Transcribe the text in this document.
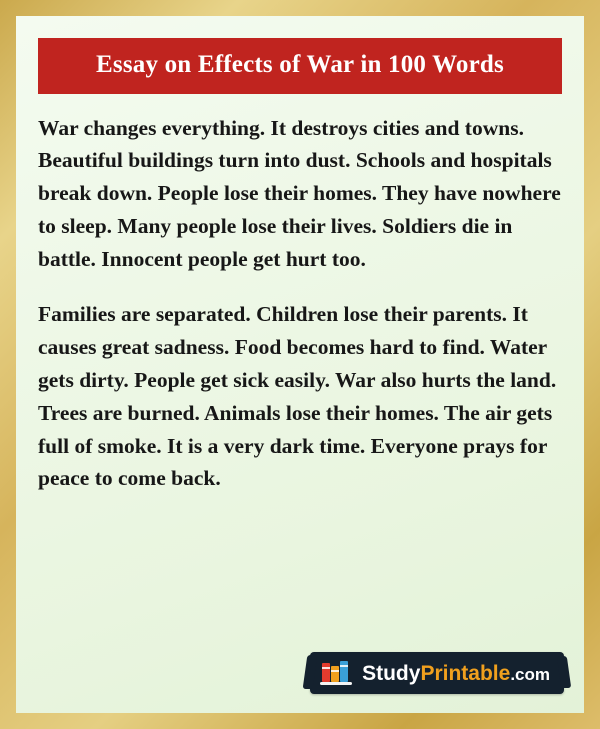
Essay on Effects of War in 100 Words

War changes everything. It destroys cities and towns. Beautiful buildings turn into dust. Schools and hospitals break down. People lose their homes. They have nowhere to sleep. Many people lose their lives. Soldiers die in battle. Innocent people get hurt too.

Families are separated. Children lose their parents. It causes great sadness. Food becomes hard to find. Water gets dirty. People get sick easily. War also hurts the land. Trees are burned. Animals lose their homes. The air gets full of smoke. It is a very dark time. Everyone prays for peace to come back.

StudyPrintable.com
